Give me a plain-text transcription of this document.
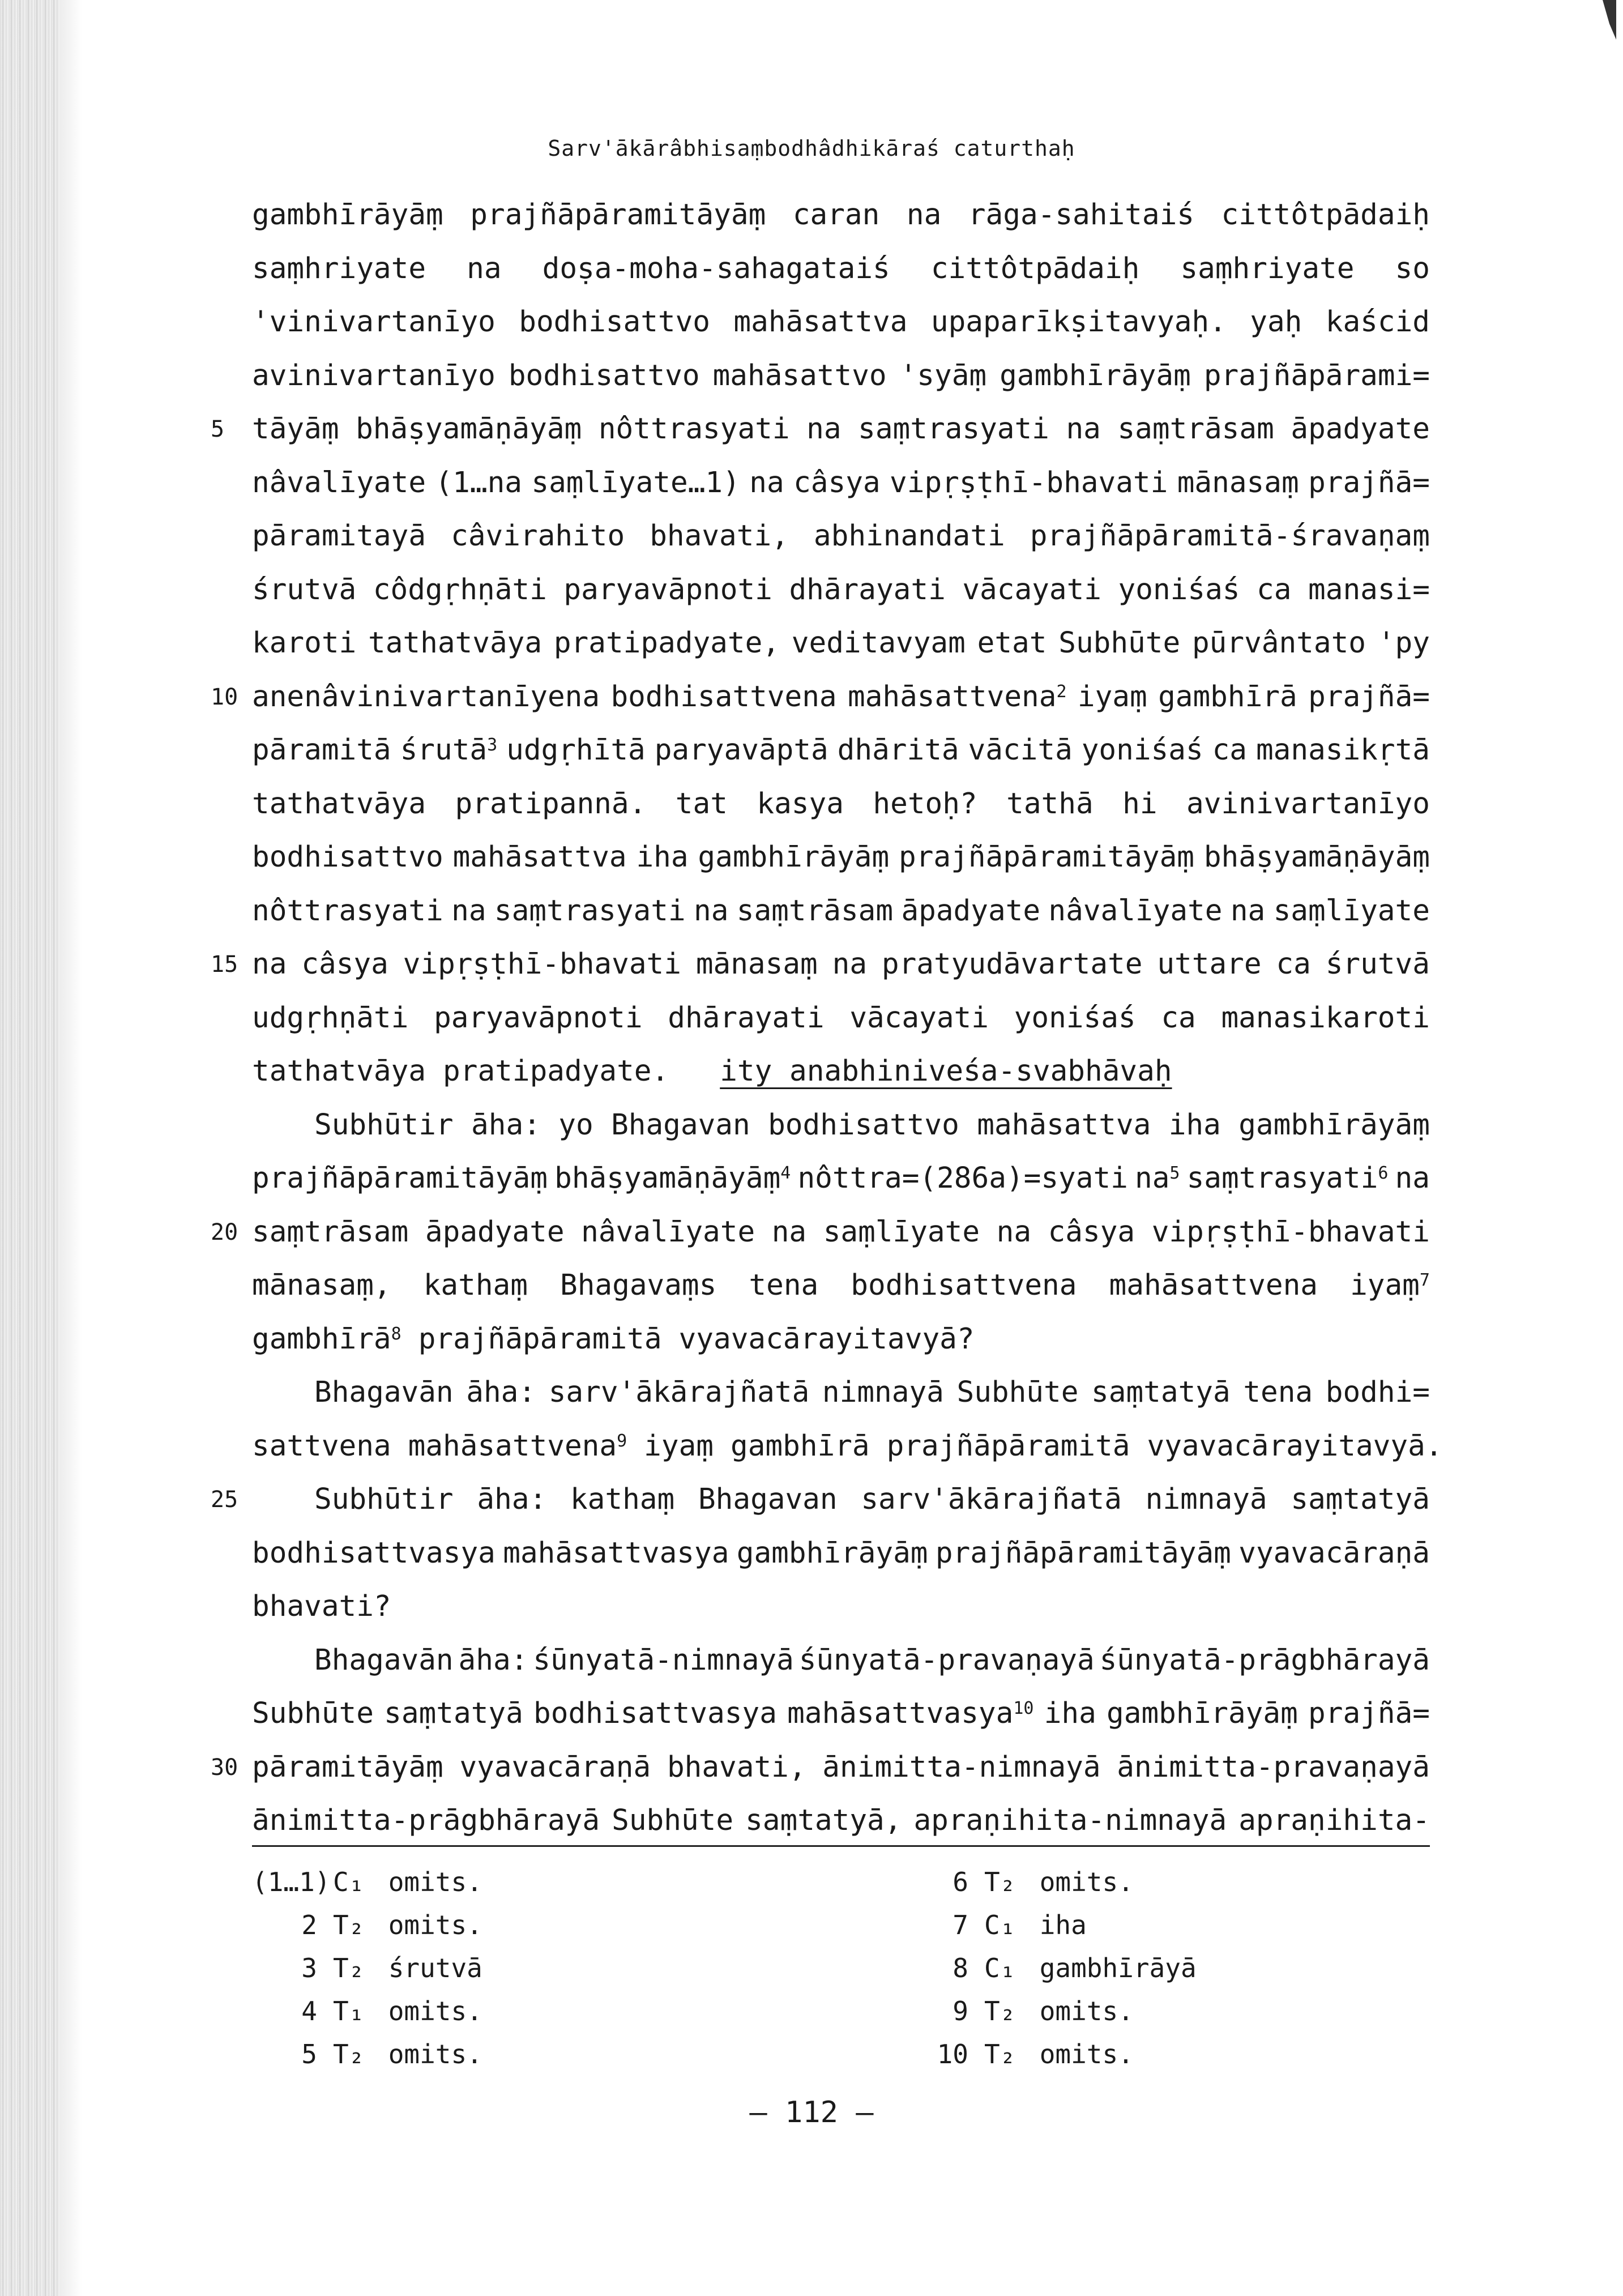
Sarv'ākārâbhisaṃbodhâdhikāraś caturthaḥ
gambhīrāyāṃ prajñāpāramitāyāṃ caran na rāga-sahitaiś cittôtpādaiḥ
saṃhriyate na doṣa-moha-sahagataiś cittôtpādaiḥ saṃhriyate so
'vinivartanīyo bodhisattvo mahāsattva upaparīkṣitavyaḥ. yaḥ kaścid
avinivartanīyo bodhisattvo mahāsattvo 'syāṃ gambhīrāyāṃ prajñāpārami=
tāyāṃ bhāṣyamāṇāyāṃ nôttrasyati na saṃtrasyati na saṃtrāsam āpadyate
5
nâvalīyate (1…na saṃlīyate…1) na câsya vipṛṣṭhī-bhavati mānasaṃ prajñā=
pāramitayā câvirahito bhavati, abhinandati prajñāpāramitā-śravaṇaṃ
śrutvā côdgṛhṇāti paryavāpnoti dhārayati vācayati yoniśaś ca manasi=
karoti tathatvāya pratipadyate, veditavyam etat Subhūte pūrvântato 'py
anenâvinivartanīyena bodhisattvena mahāsattvena$^2$ iyaṃ gambhīrā prajñā=
10
pāramitā śrutā$^3$ udgṛhītā paryavāptā dhāritā vācitā yoniśaś ca manasikṛtā
tathatvāya pratipannā. tat kasya hetoḥ? tathā hi avinivartanīyo
bodhisattvo mahāsattva iha gambhīrāyāṃ prajñāpāramitāyāṃ bhāṣyamāṇāyāṃ
nôttrasyati na saṃtrasyati na saṃtrāsam āpadyate nâvalīyate na saṃlīyate
na câsya vipṛṣṭhī-bhavati mānasaṃ na pratyudāvartate uttare ca śrutvā
15
udgṛhṇāti paryavāpnoti dhārayati vācayati yoniśaś ca manasikaroti
tathatvāya pratipadyate. ity anabhiniveśa-svabhāvaḥ
Subhūtir āha: yo Bhagavan bodhisattvo mahāsattva iha gambhīrāyāṃ
prajñāpāramitāyāṃ bhāṣyamāṇāyāṃ$^4$ nôttra=(286a)=syati $na^5$ saṃtrasyati$^6$ na
saṃtrāsam āpadyate nâvalīyate na saṃlīyate na câsya vipṛṣṭhī-bhavati
20
mānasaṃ, kathaṃ Bhagavaṃs tena bodhisattvena mahāsattvena iyaṃ$^7$
gambhīrā$^8$ prajñāpāramitā vyavacārayitavyā?
Bhagavān āha: sarv'ākārajñatā nimnayā Subhūte saṃtatyā tena bodhi=
sattvena mahāsattvena$^9$ iyaṃ gambhīrā prajñāpāramitā vyavacārayitavyā.
Subhūtir āha: kathaṃ Bhagavan sarv'ākārajñatā nimnayā saṃtatyā
25
bodhisattvasya mahāsattvasya gambhīrāyāṃ prajñāpāramitāyāṃ vyavacāraṇā
bhavati?
Bhagavān āha: śūnyatā-nimnayā śūnyatā-pravaṇayā śūnyatā-prāgbhārayā
Subhūte saṃtatyā bodhisattvasya mahāsattvasya$^{10}$ iha gambhīrāyāṃ prajñā=
pāramitāyāṃ vyavacāraṇā bhavati, ānimitta-nimnayā ānimitta-pravaṇayā
30
ānimitta-prāgbhārayā Subhūte saṃtatyā, apraṇihita-nimnayā apraṇihita-
(1…1)C₁ omits.
2 T₂ omits.
3 T₂ śrutvā
4 T₁ omits.
5 T₂ omits.
6 T₂ omits.
7 C₁ iha
8 C₁ gambhīrāyā
9 T₂ omits.
10 T₂ omits.
— 112 —
